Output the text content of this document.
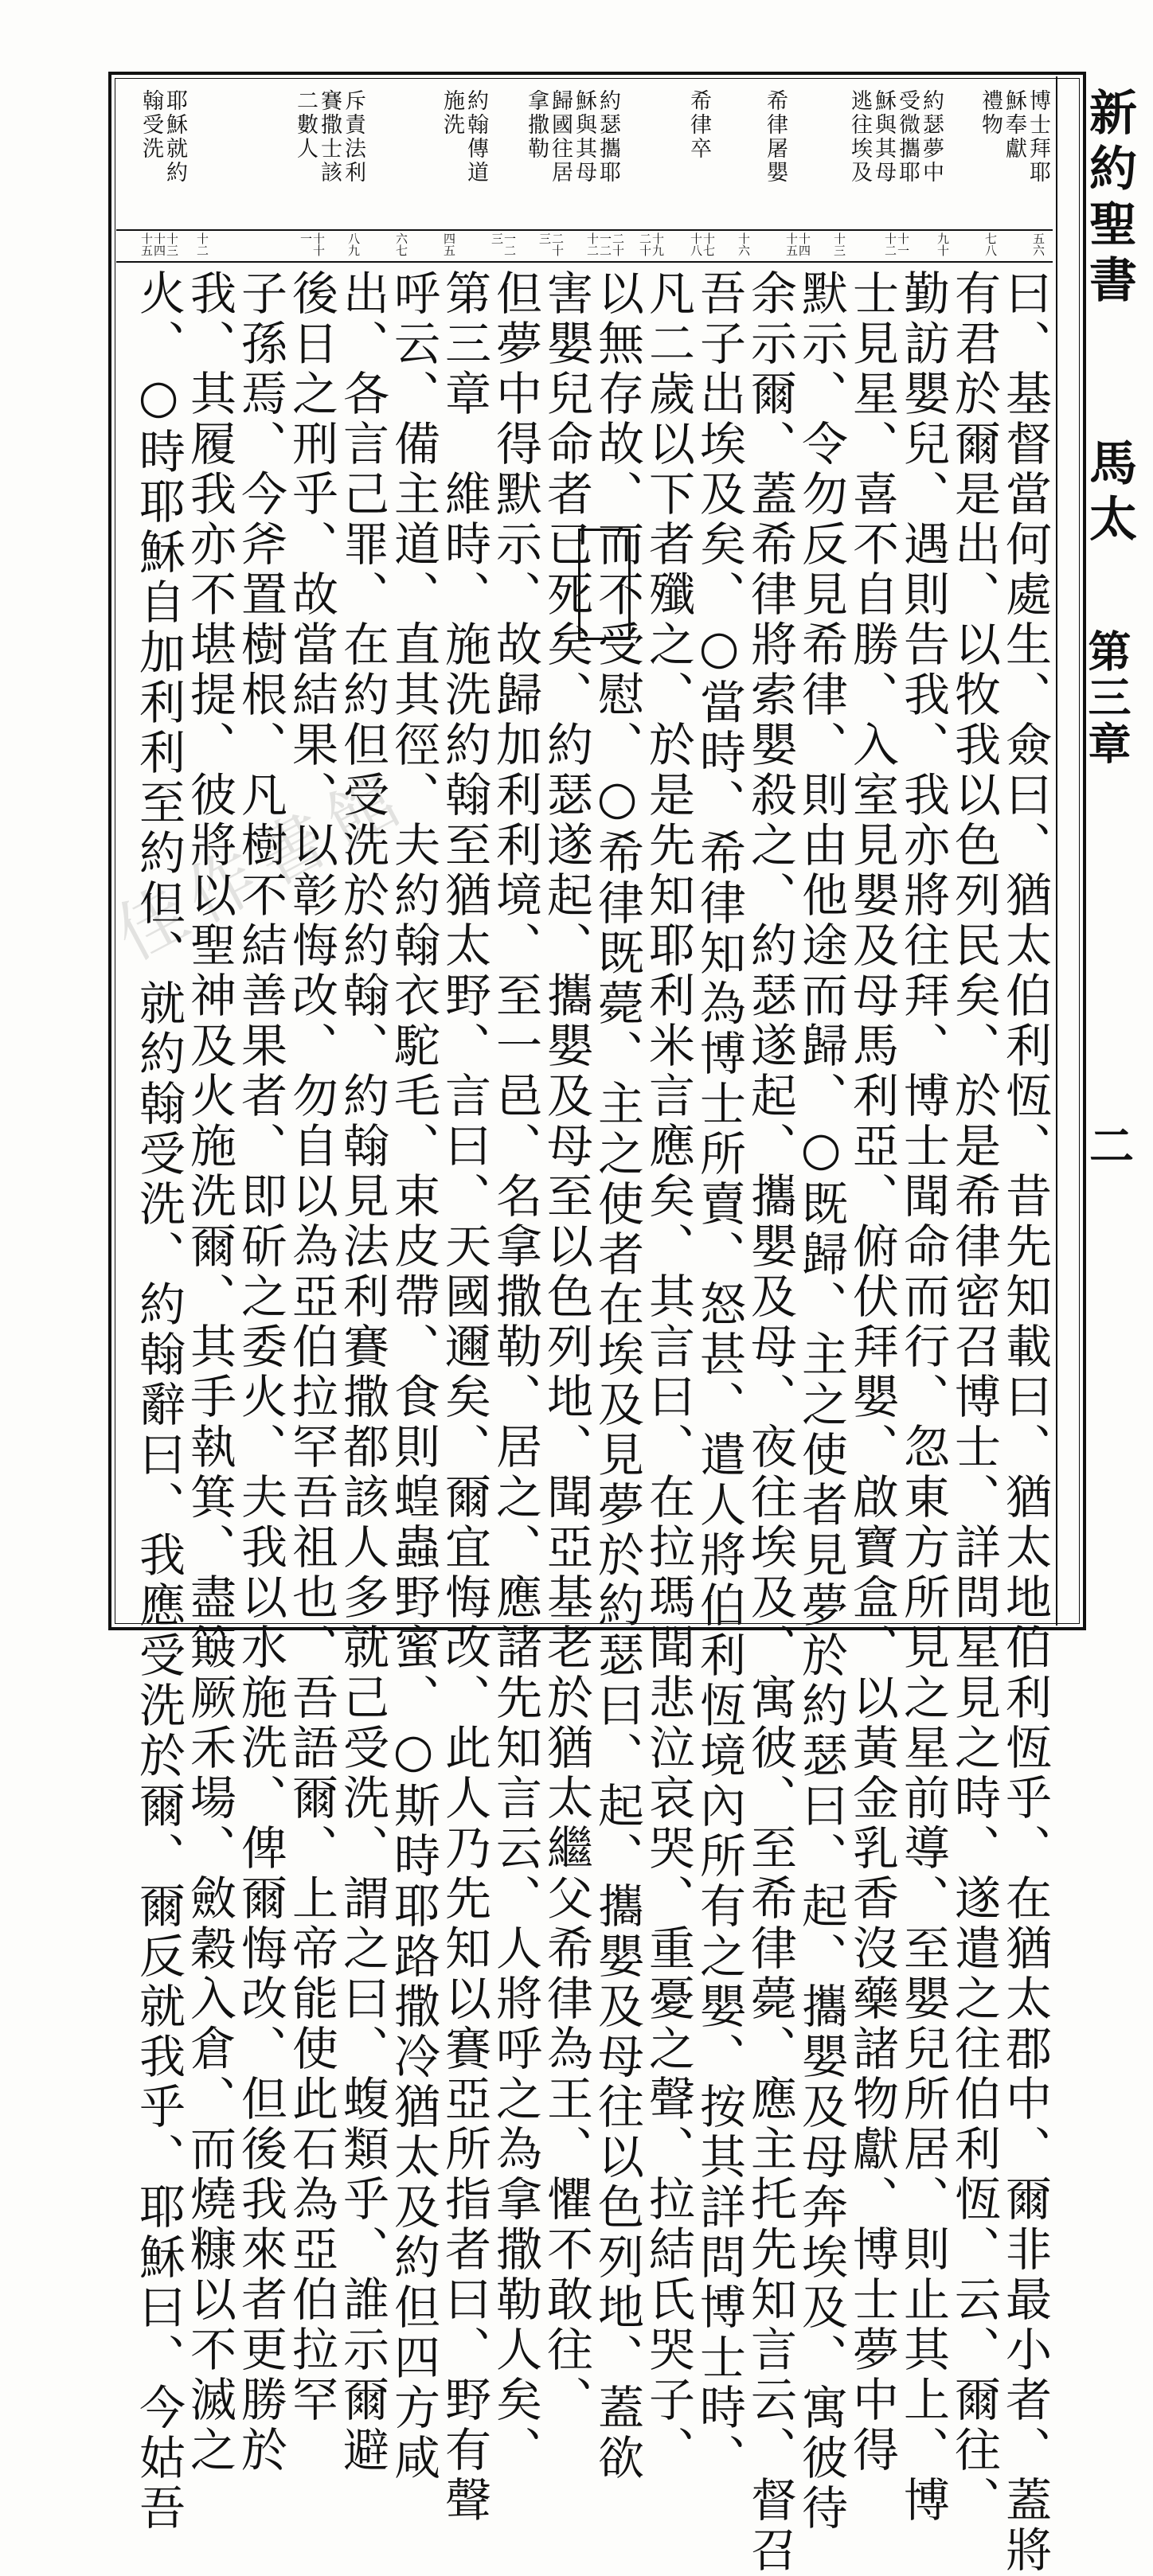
新約聖書
馬太
第三章
二
博士拜耶
穌奉獻
禮物
約瑟夢中
受微攜耶
穌與其母
逃往埃及
希律屠嬰
希律卒
約瑟攜耶
穌與其母
歸國往居
拿撒勒
約翰傳道
施洗
斥責法利
賽撒士該
二數人
耶穌就約
翰受洗
五六
七八
九十
十一十二
十三
十四十五
十六
十七十八
十九二十
二十一二十二
二十三
一二三
四五
六七
八九
十十一
十二
十三十四十五
曰、基督當何處生、僉曰、猶太伯利恆、昔先知載曰、猶太地伯利恆乎、在猶太郡中、爾非最小者、蓋將
有君於爾是出、以牧我以色列民矣、於是希律密召博士、詳問星見之時、遂遣之往伯利恆、云、爾往、
勤訪嬰兒、遇則告我、我亦將往拜、博士聞命而行、忽東方所見之星前導、至嬰兒所居、則止其上、博
士見星、喜不自勝、入室見嬰及母馬利亞、俯伏拜嬰、啟寶盒、以黃金乳香沒藥諸物獻、博士夢中得
默示、令勿反見希律、則由他途而歸、○既歸、主之使者見夢於約瑟曰、起、攜嬰及母奔埃及、寓彼待
余示爾、蓋希律將索嬰殺之、約瑟遂起、攜嬰及母、夜往埃及、寓彼、至希律薨、應主托先知言云、督召
吾子出埃及矣、○當時、希律知為博士所賣、怒甚、遣人將伯利恆境內所有之嬰、按其詳問博士時、
凡二歲以下者殲之、於是先知耶利米言應矣、其言曰、在拉瑪聞悲泣哀哭、重憂之聲、拉結氏哭子、
以無存故、而不受慰、○希律既薨、主之使者在埃及見夢於約瑟曰、起、攜嬰及母往以色列地、蓋欲
害嬰兒命者已死矣、約瑟遂起、攜嬰及母至以色列地、聞亞基老於猶太繼父希律為王、懼不敢往、
但夢中得默示、故歸加利利境、至一邑、名拿撒勒、居之、應諸先知言云、人將呼之為拿撒勒人矣、
第三章　維時、施洗約翰至猶太野、言曰、天國邇矣、爾宜悔改、此人乃先知以賽亞所指者曰、野有聲
呼云、備主道、直其徑、夫約翰衣駝毛、束皮帶、食則蝗蟲野蜜、○斯時耶路撒冷猶太及約但四方咸
出、各言己罪、在約但受洗於約翰、約翰見法利賽撒都該人多就己受洗、謂之曰、蝮類乎、誰示爾避
後日之刑乎、故當結果、以彰悔改、勿自以為亞伯拉罕吾祖也、吾語爾、上帝能使此石為亞伯拉罕
子孫焉、今斧置樹根、凡樹不結善果者、即斫之委火、夫我以水施洗、俾爾悔改、但後我來者更勝於
我、其履我亦不堪提、彼將以聖神及火施洗爾、其手執箕、盡簸厥禾場、斂穀入倉、而燒糠以不滅之
火、○時耶穌自加利利至約但、就約翰受洗、約翰辭曰、我應受洗於爾、爾反就我乎、耶穌曰、今姑吾
佳作書館
